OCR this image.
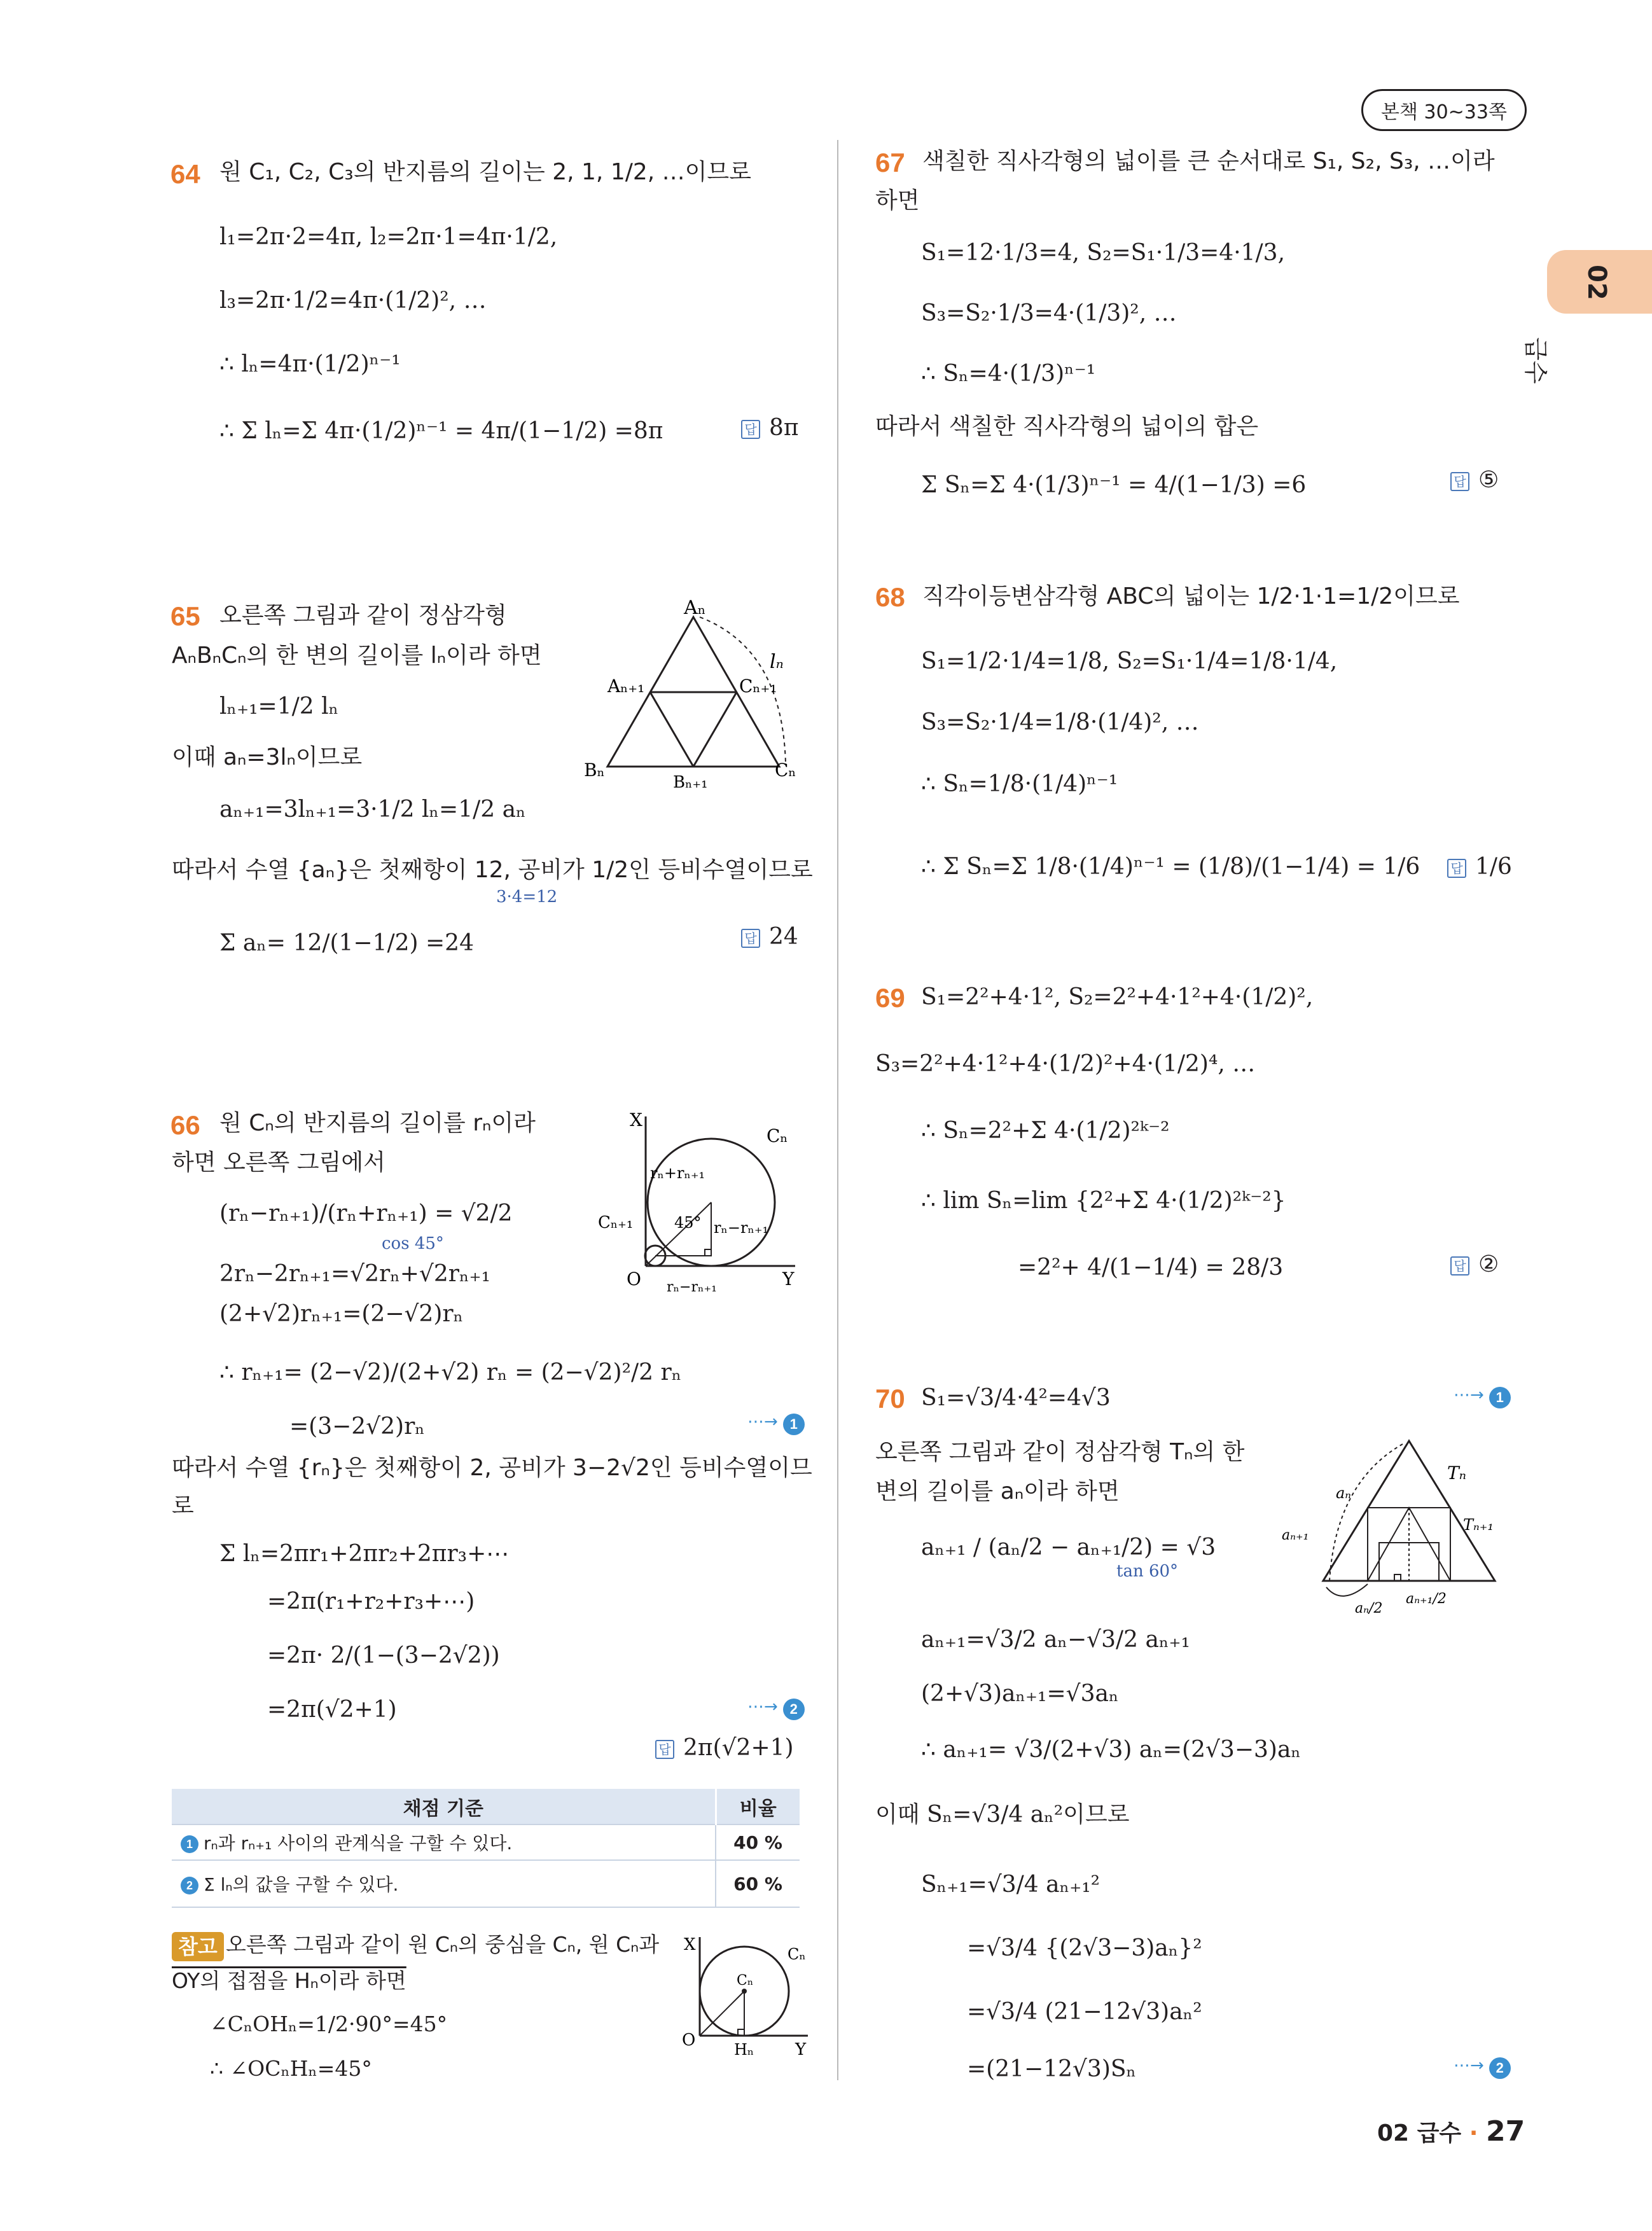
본책 30~33쪽
02
급수
64 원 C₁, C₂, C₃의 반지름의 길이는 2, 1, 1/2, …이므로
l₁=2π·2=4π, l₂=2π·1=4π·1/2,
l₃=2π·1/2=4π·(1/2)², …
∴ lₙ=4π·(1/2)ⁿ⁻¹
∴ Σ lₙ=Σ 4π·(1/2)ⁿ⁻¹ = 4π/(1−1/2) =8π	답 8π
65 오른쪽 그림과 같이 정삼각형
AₙBₙCₙ의 한 변의 길이를 lₙ이라 하면
lₙ₊₁=1/2 lₙ
이때 aₙ=3lₙ이므로
aₙ₊₁=3lₙ₊₁=3·1/2 lₙ=1/2 aₙ
따라서 수열 {aₙ}은 첫째항이 12, 공비가 1/2인 등비수열이므로
3·4=12
Σ aₙ= 12/(1−1/2) =24	답 24
Aₙ
Aₙ₊₁	Cₙ₊₁
Bₙ
Bₙ₊₁
Cₙ
lₙ
66 원 Cₙ의 반지름의 길이를 rₙ이라
하면 오른쪽 그림에서
(rₙ−rₙ₊₁)/(rₙ+rₙ₊₁) = √2/2
cos 45°
2rₙ−2rₙ₊₁=√2rₙ+√2rₙ₊₁
(2+√2)rₙ₊₁=(2−√2)rₙ
∴ rₙ₊₁= (2−√2)/(2+√2) rₙ = (2−√2)²/2 rₙ
=(3−2√2)rₙ	⋯→ 1
따라서 수열 {rₙ}은 첫째항이 2, 공비가 3−2√2인 등비수열이므
로
Σ lₙ=2πr₁+2πr₂+2πr₃+⋯
=2π(r₁+r₂+r₃+⋯)
=2π· 2/(1−(3−2√2))
=2π(√2+1)	⋯→ 2
답 2π(√2+1)
X
Cₙ
rₙ+rₙ₊₁
Cₙ₊₁	45° rₙ−rₙ₊₁
O rₙ−rₙ₊₁	Y
채점 기준	비율
1 rₙ과 rₙ₊₁ 사이의 관계식을 구할 수 있다.	40 %
2 Σ lₙ의 값을 구할 수 있다.	60 %
참고 오른쪽 그림과 같이 원 Cₙ의 중심을 Cₙ, 원 Cₙ과
OY의 접점을 Hₙ이라 하면
∠CₙOHₙ=1/2·90°=45°
∴ ∠OCₙHₙ=45°
X
Cₙ
Cₙ
O	Hₙ Y
67 색칠한 직사각형의 넓이를 큰 순서대로 S₁, S₂, S₃, …이라
하면
S₁=12·1/3=4, S₂=S₁·1/3=4·1/3,
S₃=S₂·1/3=4·(1/3)², …
∴ Sₙ=4·(1/3)ⁿ⁻¹
따라서 색칠한 직사각형의 넓이의 합은
Σ Sₙ=Σ 4·(1/3)ⁿ⁻¹ = 4/(1−1/3) =6	답 ⑤
68 직각이등변삼각형 ABC의 넓이는 1/2·1·1=1/2이므로
S₁=1/2·1/4=1/8, S₂=S₁·1/4=1/8·1/4,
S₃=S₂·1/4=1/8·(1/4)², …
∴ Sₙ=1/8·(1/4)ⁿ⁻¹
∴ Σ Sₙ=Σ 1/8·(1/4)ⁿ⁻¹ = (1/8)/(1−1/4) = 1/6 답 1/6
69 S₁=2²+4·1², S₂=2²+4·1²+4·(1/2)²,
S₃=2²+4·1²+4·(1/2)²+4·(1/2)⁴, …
∴ Sₙ=2²+Σ 4·(1/2)²ᵏ⁻²
∴ lim Sₙ=lim {2²+Σ 4·(1/2)²ᵏ⁻²}
=2²+ 4/(1−1/4) = 28/3	답 ②
70 S₁=√3/4·4²=4√3	⋯→ 1
오른쪽 그림과 같이 정삼각형 Tₙ의 한
변의 길이를 aₙ이라 하면
aₙ₊₁ / (aₙ/2 − aₙ₊₁/2) = √3
tan 60°
aₙ₊₁=√3/2 aₙ−√3/2 aₙ₊₁
(2+√3)aₙ₊₁=√3aₙ
∴ aₙ₊₁= √3/(2+√3) aₙ=(2√3−3)aₙ
이때 Sₙ=√3/4 aₙ²이므로
Sₙ₊₁=√3/4 aₙ₊₁²
=√3/4 {(2√3−3)aₙ}²
=√3/4 (21−12√3)aₙ²
=(21−12√3)Sₙ	⋯→ 2
Tₙ
aₙ
Tₙ₊₁
aₙ₊₁
aₙ/2
aₙ₊₁/2
02 급수 · 27
